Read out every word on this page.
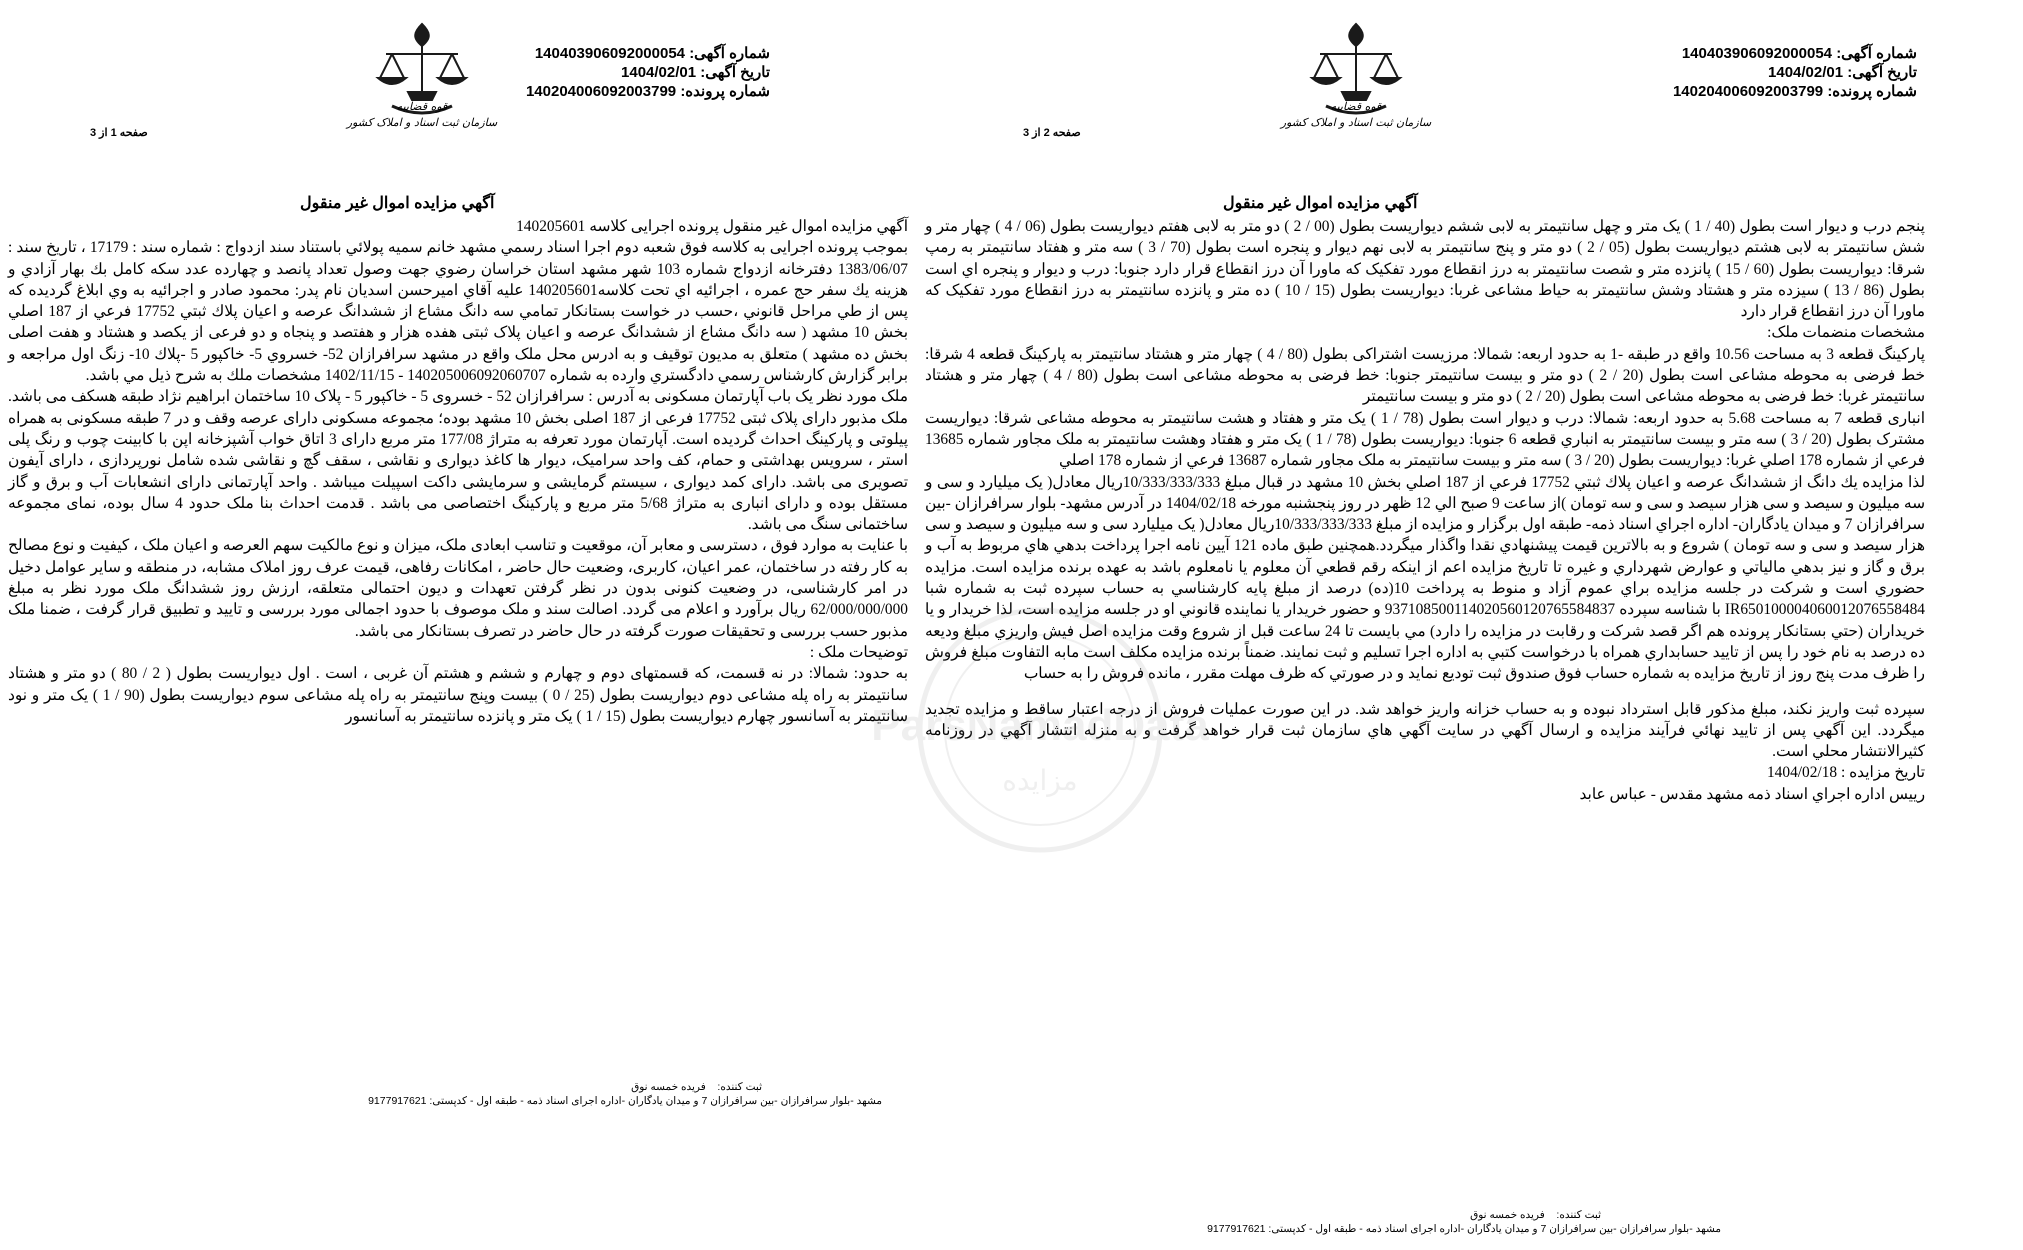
شماره آگهی: 140403906092000054
تاریخ آگهی: 1404/02/01
شماره پرونده: 140204006092003799
قوه قضاییه
سازمان ثبت اسناد و املاک کشور
صفحه 1 از 3
آگهي مزايده اموال غير منقول

آگهي مزايده اموال غير منقول پرونده اجرایی كلاسه 140205601

بموجب پرونده اجرایی به كلاسه فوق شعبه دوم اجرا اسناد رسمي مشهد خانم سميه پولائي باستناد سند ازدواج : شماره سند : 17179 ، تاريخ سند : 1383/06/07 دفترخانه ازدواج شماره 103 شهر مشهد استان خراسان رضوي جهت وصول تعداد پانصد و چهارده عدد سكه كامل بك بهار آزادي و هزينه يك سفر حج عمره ، اجرائيه اي تحت كلاسه140205601 عليه آقاي اميرحسن اسديان نام پدر: محمود صادر و اجرائيه به وي ابلاغ گرديده كه پس از طي مراحل قانوني ،حسب در خواست بستانكار تمامي سه دانگ مشاع از ششدانگ عرصه و اعيان پلاك ثبتي 17752 فرعي از 187 اصلي بخش 10 مشهد ( سه دانگ مشاع از ششدانگ عرصه و اعيان پلاک ثبتی هفده هزار و هفتصد و پنجاه و دو فرعی از یکصد و هشتاد و هفت اصلی بخش ده مشهد ) متعلق به مديون توقيف و به ادرس محل ملک واقع در مشهد سرافرازان 52- خسروي 5- خاكپور 5 -پلاك 10- زنگ اول مراجعه و برابر گزارش كارشناس رسمي دادگستري وارده به شماره 140205006092060707 - 1402/11/15 مشخصات ملك به شرح ذيل مي باشد.

ملک مورد نظر یک باب آپارتمان مسکونی به آدرس : سرافرازان 52 - خسروی 5 - خاکپور 5 - پلاک 10 ساختمان ابراهیم نژاد طبقه هسکف می باشد. ملک مذبور دارای پلاک ثبتی 17752 فرعی از 187 اصلی بخش 10 مشهد بوده؛ مجموعه مسکونی دارای عرصه وقف و در 7 طبقه مسکونی به همراه پیلوتی و پارکینگ احداث گردیده است. آپارتمان مورد تعرفه به متراژ 177/08 متر مربع دارای 3 اتاق خواب آشپزخانه اپن با کابینت چوب و رنگ پلی استر ، سرویس بهداشتی و حمام، کف واحد سرامیک، دیوار ها کاغذ دیواری و نقاشی ، سقف گچ و نقاشی شده شامل نورپردازی ، دارای آیفون تصویری می باشد. دارای کمد دیواری ، سیستم گرمایشی و سرمایشی داکت اسپیلت میباشد . واحد آپارتمانی دارای انشعابات آب و برق و گاز مستقل بوده و دارای انباری به متراژ 5/68 متر مربع و پارکینگ اختصاصی می باشد . قدمت احداث بنا ملک حدود 4 سال بوده، نمای مجموعه ساختمانی سنگ می باشد.

با عنایت به موارد فوق ، دسترسی و معابر آن، موقعیت و تناسب ابعادی ملک، میزان و نوع مالکیت سهم العرصه و اعیان ملک ، کیفیت و نوع مصالح به کار رفته در ساختمان، عمر اعیان، کاربری، وضعیت حال حاضر ، امکانات رفاهی، قیمت عرف روز املاک مشابه، در منطقه و سایر عوامل دخیل در امر کارشناسی، در وضعیت کنونی بدون در نظر گرفتن تعهدات و دیون احتمالی متعلقه، ارزش روز ششدانگ ملک مورد نظر به مبلغ 62/000/000/000 ریال برآورد و اعلام می گردد. اصالت سند و ملک موصوف با حدود اجمالی مورد بررسی و تایید و تطبیق قرار گرفت ، ضمنا ملک مذبور حسب بررسی و تحقیقات صورت گرفته در حال حاضر در تصرف بستانکار می باشد.

توضيحات ملک :

به حدود: شمالا: در نه قسمت، که قسمتهای دوم و چهارم و ششم و هشتم آن غربی ، است . اول دیواریست بطول ( 2 / 80 ) دو متر و هشتاد سانتیمتر به راه پله مشاعی دوم دیواریست بطول (25 / 0 ) بیست وپنج سانتیمتر به راه پله مشاعی سوم دیواریست بطول (90 / 1 ) یک متر و نود سانتیمتر به آسانسور چهارم دیواریست بطول (15 / 1 ) یک متر و پانزده سانتیمتر به آسانسور

ثبت کننده:    فریده خمسه نوق
مشهد -بلوار سرافرازان -بین سرافرازان 7 و میدان یادگاران -اداره اجرای اسناد ذمه - طبقه اول - کدپستی: 9177917621
شماره آگهی: 140403906092000054
تاریخ آگهی: 1404/02/01
شماره پرونده: 140204006092003799
قوه قضاییه
سازمان ثبت اسناد و املاک کشور
صفحه 2 از 3
آگهي مزايده اموال غير منقول

پنجم درب و دیوار است بطول (40 / 1 ) یک متر و چهل سانتیمتر به لابی ششم دیواریست بطول (00 / 2 ) دو متر به لابی هفتم دیواریست بطول (06 / 4 ) چهار متر و شش سانتیمتر به لابی هشتم دیواریست بطول (05 / 2 ) دو متر و پنج سانتیمتر به لابی نهم دیوار و پنجره است بطول (70 / 3 ) سه متر و هفتاد سانتیمتر به رمپ شرقا: دیواریست بطول (60 / 15 ) پانزده متر و شصت سانتیمتر به درز انقطاع مورد تفکیک که ماورا آن درز انقطاع قرار دارد جنوبا: درب و دیوار و پنجره اي است بطول (86 / 13 ) سیزده متر و هشتاد وشش سانتیمتر به حیاط مشاعی غربا: دیواریست بطول (15 / 10 ) ده متر و پانزده سانتیمتر به درز انقطاع مورد تفکیک که ماورا آن درز انقطاع قرار دارد

مشخصات منضمات ملک:

پارکینگ قطعه 3 به مساحت 10.56 واقع در طبقه -1 به حدود اربعه: شمالا: مرزیست اشتراکی بطول (80 / 4 ) چهار متر و هشتاد سانتیمتر به پارکینگ قطعه 4 شرقا: خط فرضی به محوطه مشاعی است بطول (20 / 2 ) دو متر و بیست سانتیمتر جنوبا: خط فرضی به محوطه مشاعی است بطول (80 / 4 ) چهار متر و هشتاد سانتیمتر غربا: خط فرضی به محوطه مشاعی است بطول (20 / 2 ) دو متر و بیست سانتیمتر

انباری قطعه 7 به مساحت 5.68 به حدود اربعه: شمالا: درب و دیوار است بطول (78 / 1 ) یک متر و هفتاد و هشت سانتیمتر به محوطه مشاعی شرقا: دیواریست مشترک بطول (20 / 3 ) سه متر و بیست سانتیمتر به انباري قطعه 6 جنوبا: دیواریست بطول (78 / 1 ) یک متر و هفتاد وهشت سانتیمتر به ملک مجاور شماره 13685 فرعي از شماره 178 اصلي غربا: دیواریست بطول (20 / 3 ) سه متر و بیست سانتیمتر به ملک مجاور شماره 13687 فرعي از شماره 178 اصلي

لذا مزايده يك دانگ از ششدانگ عرصه و اعيان پلاك ثبتي 17752 فرعي از 187 اصلي بخش 10 مشهد در قبال مبلغ 10/333/333/333ريال معادل( يک ميليارد و سی و سه ميليون و سيصد و سی هزار سيصد و سی و سه تومان )از ساعت 9 صبح الي 12 ظهر در روز پنجشنبه مورخه 1404/02/18 در آدرس مشهد- بلوار سرافرازان -بين سرافرازان 7 و ميدان يادگاران- اداره اجراي اسناد ذمه- طبقه اول برگزار و مزايده از مبلغ 10/333/333/333ريال معادل( يک ميليارد سی و سه ميليون و سيصد و سی هزار سيصد و سی و سه تومان ) شروع و به بالاترين قيمت پيشنهادي نقدا واگذار ميگردد.همچنين طبق ماده 121 آيين نامه اجرا پرداخت بدهي هاي مربوط به آب و برق و گاز و نيز بدهي مالياتي و عوارض شهرداري و غيره تا تاريخ مزايده اعم از اينكه رقم قطعي آن معلوم يا نامعلوم باشد به عهده برنده مزايده است. مزايده حضوري است و شركت در جلسه مزايده براي عموم آزاد و منوط به پرداخت 10(ده) درصد از مبلغ پايه كارشناسي به حساب سپرده ثبت به شماره شبا IR650100004060012076558484 با شناسه سپرده 937108500114020560120765584837 و حضور خريدار يا نماينده قانوني او در جلسه مزايده است، لذا خريدار و يا خريداران (حتي بستانكار پرونده هم اگر قصد شركت و رقابت در مزايده را دارد) مي بايست تا 24 ساعت قبل از شروع وقت مزايده اصل فيش واريزي مبلغ وديعه ده درصد به نام خود را پس از تاييد حسابداري همراه با درخواست كتبي به اداره اجرا تسليم و ثبت نمايند. ضمناً برنده مزايده مكلف است مابه التفاوت مبلغ فروش را ظرف مدت پنج روز از تاريخ مزايده به شماره حساب فوق صندوق ثبت توديع نمايد و در صورتي كه ظرف مهلت مقرر ، مانده فروش را به حساب

سپرده ثبت واريز نكند، مبلغ مذكور قابل استرداد نبوده و به حساب خزانه واريز خواهد شد. در اين صورت عمليات فروش از درجه اعتبار ساقط و مزايده تجديد ميگردد. اين آگهي پس از تاييد نهائي فرآيند مزايده و ارسال آگهي در سايت آگهي هاي سازمان ثبت قرار خواهد گرفت و به منزله انتشار آگهي در روزنامه كثيرالانتشار محلي است.

تاريخ مزايده : 1404/02/18

رييس اداره اجراي اسناد ذمه مشهد مقدس - عباس عابد

ثبت کننده:    فریده خمسه نوق
مشهد -بلوار سرافرازان -بین سرافرازان 7 و میدان یادگاران -اداره اجرای اسناد ذمه - طبقه اول - کدپستی: 9177917621
ParsNamadData
مزایده
